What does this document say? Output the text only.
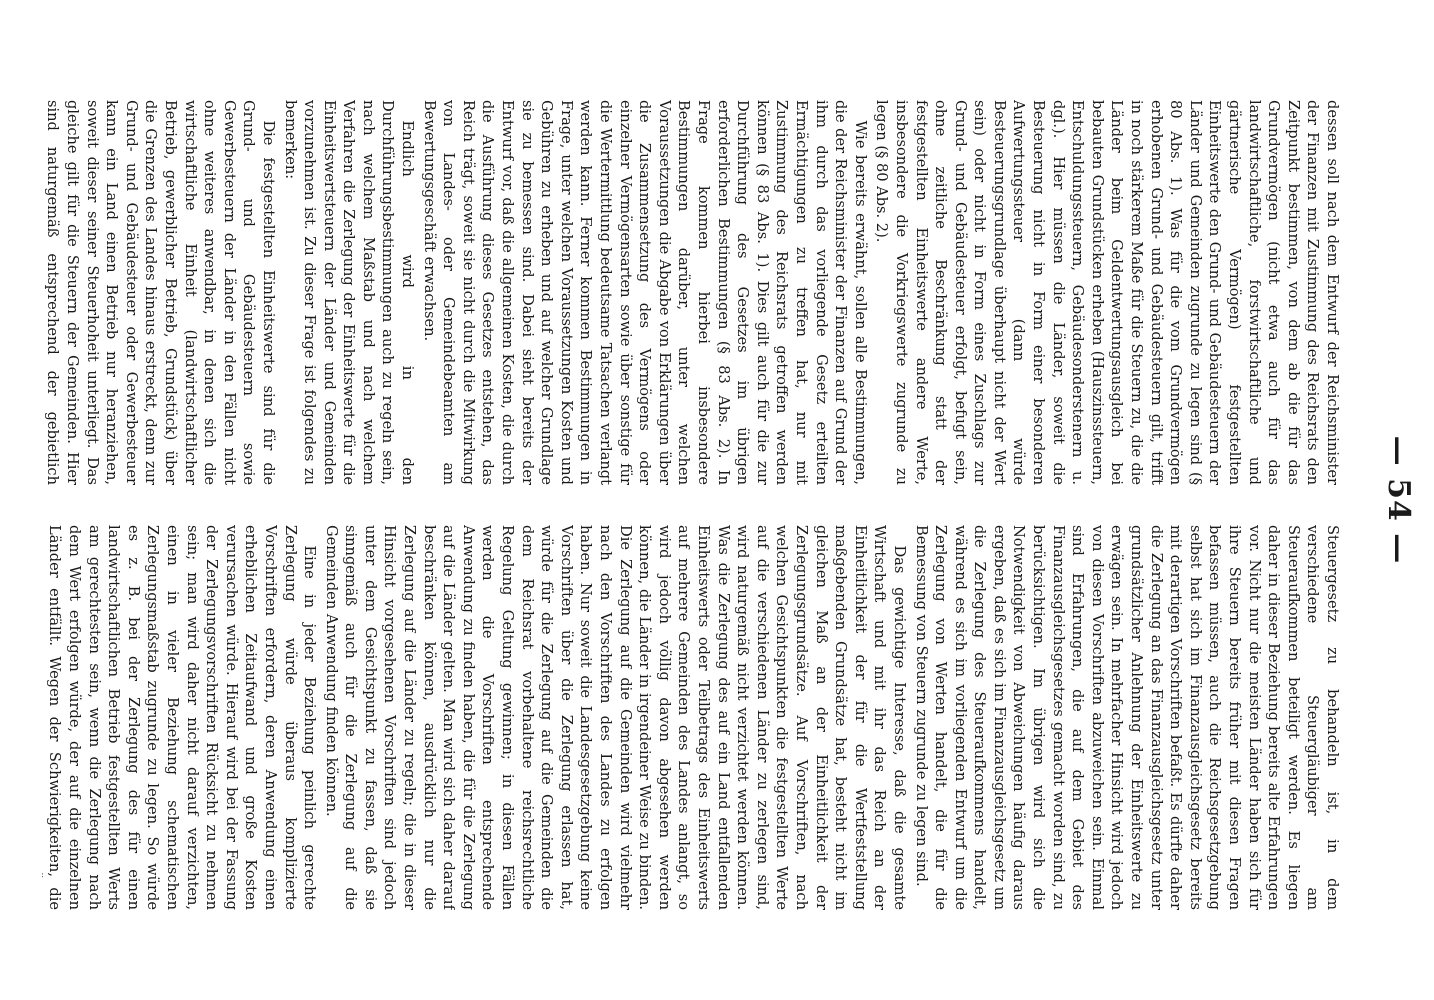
— 54 —

dessen soll nach dem Entwurf der Reichsminister der Finanzen mit Zustimmung des Reichsrats den Zeitpunkt bestimmen, von dem ab die für das Grundvermögen (nicht etwa auch für das landwirtschaftliche, forstwirtschaftliche und gärtnerische Vermögen) festgestellten Einheitswerte den Grund- und Gebäudesteuern der Länder und Gemeinden zugrunde zu legen sind (§ 80 Abs. 1). Was für die vom Grundvermögen erhobenen Grund- und Gebäudesteuern gilt, trifft in noch stärkerem Maße für die Steuern zu, die die Länder beim Geldentwertungsausgleich bei bebauten Grundstücken erheben (Hauszinssteuern, Entschuldungssteuern, Gebäudesonderstenern u. dgl.). Hier müssen die Länder, soweit die Besteuerung nicht in Form einer besonderen Aufwertungssteuer (dann würde Besteuerungsgrundlage überhaupt nicht der Wert sein) oder nicht in Form eines Zuschlags zur Grund- und Gebäudesteuer erfolgt, befugt sein, ohne zeitliche Beschränkung statt der festgestellten Einheitswerte andere Werte, insbesondere die Vorkriegswerte zugrunde zu legen (§ 80 Abs. 2).

Wie bereits erwähnt, sollen alle Bestimmungen, die der Reichsminister der Finanzen auf Grund der ihm durch das vorliegende Gesetz erteilten Ermächtigungen zu treffen hat, nur mit Zustimmung des Reichsrats getroffen werden können (§ 83 Abs. 1). Dies gilt auch für die zur Durchführung des Gesetzes im übrigen erforderlichen Bestimmungen (§ 83 Abs. 2). In Frage kommen hierbei insbesondere Bestimmungen darüber, unter welchen Voraussetzungen die Abgabe von Erklärungen über die Zusammensetzung des Vermögens oder einzelner Vermögensarten sowie über sonstige für die Wertermittlung bedeutsame Tatsachen verlangt werden kann. Ferner kommen Bestimmungen in Frage, unter welchen Voraussetzungen Kosten und Gebühren zu erheben und auf welcher Grundlage sie zu bemessen sind. Dabei sieht bereits der Entwurf vor, daß die allgemeinen Kosten, die durch die Ausführung dieses Gesetzes entstehen, das Reich trägt, soweit sie nicht durch die Mitwirkung von Landes- oder Gemeindebeamten am Bewertungsgeschäft erwachsen.

Endlich wird in den Durchführungsbestimmungen auch zu regeln sein, nach welchem Maßstab und nach welchem Verfahren die Zerlegung der Einheitswerte für die Einheitswertsteuern der Länder und Gemeinden vorzunehmen ist. Zu dieser Frage ist folgendes zu bemerken:

Die festgestellten Einheitswerte sind für die Grund- und Gebäudesteuern sowie Gewerbesteuern der Länder in den Fällen nicht ohne weiteres anwendbar, in denen sich die wirtschaftliche Einheit (landwirtschaftlicher Betrieb, gewerblicher Betrieb, Grundstück) über die Grenzen des Landes hinaus erstreckt, denn zur Grund- und Gebäudesteuer oder Gewerbesteuer kann ein Land einen Betrieb nur heranziehen, soweit dieser seiner Steuerhoheit unterliegt. Das gleiche gilt für die Steuern der Gemeinden. Hier sind naturgemäß entsprechend der gebietlich

Steuergesetz zu behandeln ist, in dem verschiedene Steuergläubiger am Steueraufkommen beteiligt werden. Es liegen daher in dieser Beziehung bereits alte Erfahrungen vor. Nicht nur die meisten Länder haben sich für ihre Steuern bereits früher mit diesen Fragen befassen müssen, auch die Reichsgesetzgebung selbst hat sich im Finanzausgleichsgesetz bereits mit derartigen Vorschriften befaßt. Es dürfte daher die Zerlegung an das Finanzausgleichsgesetz unter grundsätzlicher Anlehnung der Einheitswerte zu erwägen sein. In mehrfacher Hinsicht wird jedoch von diesen Vorschriften abzuweichen sein. Einmal sind Erfahrungen, die auf dem Gebiet des Finanzausgleichsgesetzes gemacht worden sind, zu berücksichtigen. Im übrigen wird sich die Notwendigkeit von Abweichungen häufig daraus ergeben, daß es sich im Finanzausgleichsgesetz um die Zerlegung des Steueraufkommens handelt, während es sich im vorliegenden Entwurf um die Zerlegung von Werten handelt, die für die Bemessung von Steuern zugrunde zu legen sind.

Das gewichtige Interesse, daß die gesamte Wirtschaft und mit ihr das Reich an der Einheitlichkeit der für die Wertfeststellung maßgebenden Grundsätze hat, besteht nicht im gleichen Maß an der Einheitlichkeit der Zerlegungsgrundsätze. Auf Vorschriften, nach welchen Gesichtspunkten die festgestellten Werte auf die verschiedenen Länder zu zerlegen sind, wird naturgemäß nicht verzichtet werden können. Was die Zerlegung des auf ein Land entfallenden Einheitswerts oder Teilbetrags des Einheitswerts auf mehrere Gemeinden des Landes anlangt, so wird jedoch völlig davon abgesehen werden können, die Länder in irgendeiner Weise zu binden. Die Zerlegung auf die Gemeinden wird vielmehr nach den Vorschriften des Landes zu erfolgen haben. Nur soweit die Landesgesetzgebung keine Vorschriften über die Zerlegung erlassen hat, würde für die Zerlegung auf die Gemeinden die dem Reichsrat vorbehaltene reichsrechtliche Regelung Geltung gewinnen; in diesen Fällen werden die Vorschriften entsprechende Anwendung zu finden haben, die für die Zerlegung auf die Länder gelten. Man wird sich daher darauf beschränken können, ausdrücklich nur die Zerlegung auf die Länder zu regeln; die in dieser Hinsicht vorgesehenen Vorschriften sind jedoch unter dem Gesichtspunkt zu fassen, daß sie sinngemäß auch für die Zerlegung auf die Gemeinden Anwendung finden können.

Eine in jeder Beziehung peinlich gerechte Zerlegung würde überaus komplizierte Vorschriften erfordern, deren Anwendung einen erheblichen Zeitaufwand und große Kosten verursachen würde. Hierauf wird bei der Fassung der Zerlegungsvorschriften Rücksicht zu nehmen sein; man wird daher nicht darauf verzichten, einen in vieler Beziehung schematischen Zerlegungsmaßstab zugrunde zu legen. So würde es z. B. bei der Zerlegung des für einen landwirtschaftlichen Betrieb festgestellten Werts am gerechtesten sein, wenn die Zerlegung nach dem Wert erfolgen würde, der auf die einzelnen Länder entfällt. Wegen der Schwierigkeiten, die
